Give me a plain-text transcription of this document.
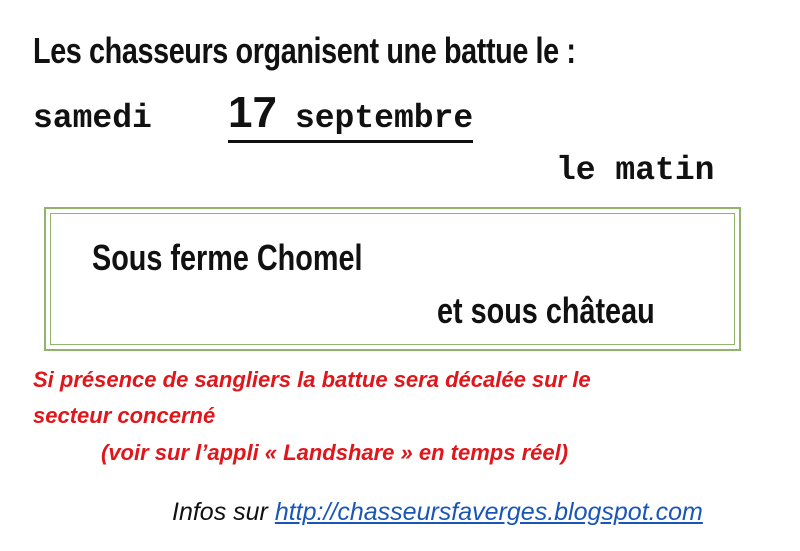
Les chasseurs organisent une battue le :
samedi 17 septembre
le matin
Sous ferme Chomel
et sous château
Si présence de sangliers la battue sera décalée sur le
secteur concerné
(voir sur l’appli « Landshare » en temps réel)
Infos sur http://chasseursfaverges.blogspot.com
